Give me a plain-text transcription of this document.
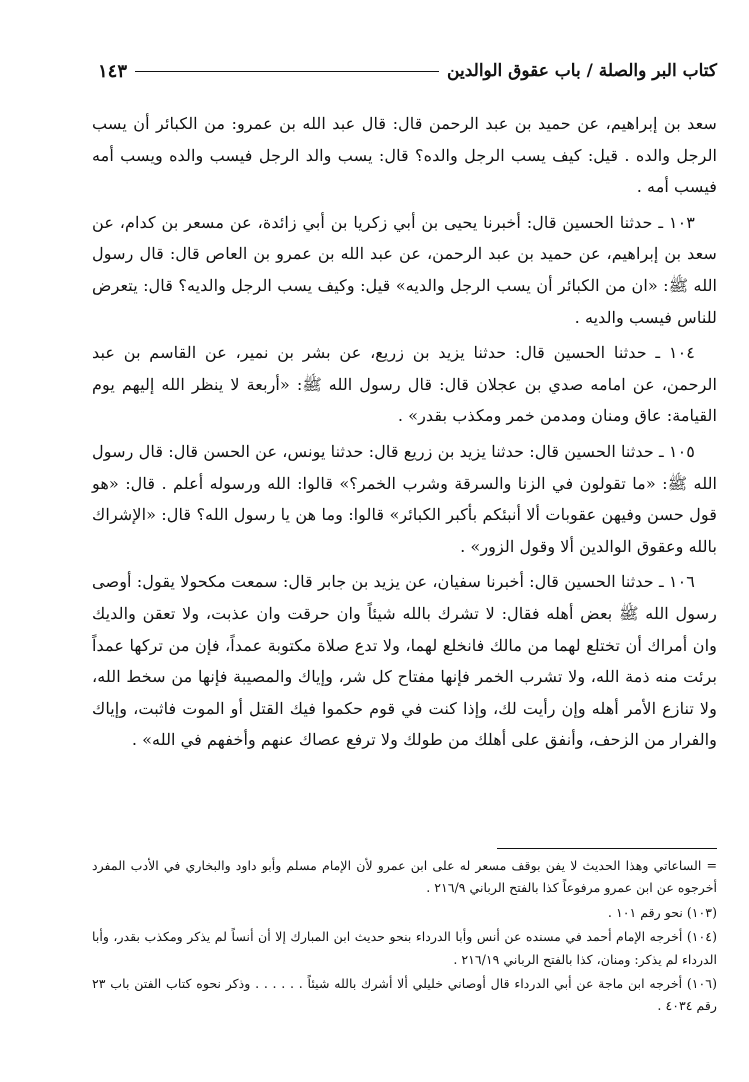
كتاب البر والصلة / باب عقوق الوالدين
١٤٣

سعد بن إبراهيم، عن حميد بن عبد الرحمن قال: قال عبد الله بن عمرو: من الكبائر أن يسب الرجل والده . قيل: كيف يسب الرجل والده؟ قال: يسب والد الرجل فيسب والده ويسب أمه فيسب أمه .

١٠٣ ـ حدثنا الحسين قال: أخبرنا يحيى بن أبي زكريا بن أبي زائدة، عن مسعر بن كدام، عن سعد بن إبراهيم، عن حميد بن عبد الرحمن، عن عبد الله بن عمرو بن العاص قال: قال رسول الله ﷺ: «ان من الكبائر أن يسب الرجل والديه» قيل: وكيف يسب الرجل والديه؟ قال: يتعرض للناس فيسب والديه .

١٠٤ ـ حدثنا الحسين قال: حدثنا يزيد بن زريع، عن بشر بن نمير، عن القاسم بن عبد الرحمن، عن امامه صدي بن عجلان قال: قال رسول الله ﷺ: «أربعة لا ينظر الله إليهم يوم القيامة: عاق ومنان ومدمن خمر ومكذب بقدر» .

١٠٥ ـ حدثنا الحسين قال: حدثنا يزيد بن زريع قال: حدثنا يونس، عن الحسن قال: قال رسول الله ﷺ: «ما تقولون في الزنا والسرقة وشرب الخمر؟» قالوا: الله ورسوله أعلم . قال: «هو قول حسن وفيهن عقوبات ألا أنبئكم بأكبر الكبائر» قالوا: وما هن يا رسول الله؟ قال: «الإشراك بالله وعقوق الوالدين ألا وقول الزور» .

١٠٦ ـ حدثنا الحسين قال: أخبرنا سفيان، عن يزيد بن جابر قال: سمعت مكحولا يقول: أوصى رسول الله ﷺ بعض أهله فقال: لا تشرك بالله شيئاً وان حرقت وان عذبت، ولا تعقن والديك وان أمراك أن تختلع لهما من مالك فانخلع لهما، ولا تدع صلاة مكتوبة عمداً، فإن من تركها عمداً برئت منه ذمة الله، ولا تشرب الخمر فإنها مفتاح كل شر، وإياك والمصيبة فإنها من سخط الله، ولا تنازع الأمر أهله وإن رأيت لك، وإذا كنت في قوم حكموا فيك القتل أو الموت فاثبت، وإياك والفرار من الزحف، وأنفق على أهلك من طولك ولا ترفع عصاك عنهم وأخفهم في الله» .

= الساعاتي وهذا الحديث لا يفن بوقف مسعر له على ابن عمرو لأن الإمام مسلم وأبو داود والبخاري في الأدب المفرد أخرجوه عن ابن عمرو مرفوعاً كذا بالفتح الرباني ٢١٦/٩ .

(١٠٣) نحو رقم ١٠١ .

(١٠٤) أخرجه الإمام أحمد في مسنده عن أنس وأبا الدرداء بنحو حديث ابن المبارك إلا أن أنساً لم يذكر ومكذب بقدر، وأبا الدرداء لم يذكر: ومنان، كذا بالفتح الرباني ٢١٦/١٩ .

(١٠٦) أخرجه ابن ماجة عن أبي الدرداء قال أوصاني خليلي ألا أشرك بالله شيئاً . . . . . . وذكر نحوه كتاب الفتن باب ٢٣ رقم ٤٠٣٤ .
